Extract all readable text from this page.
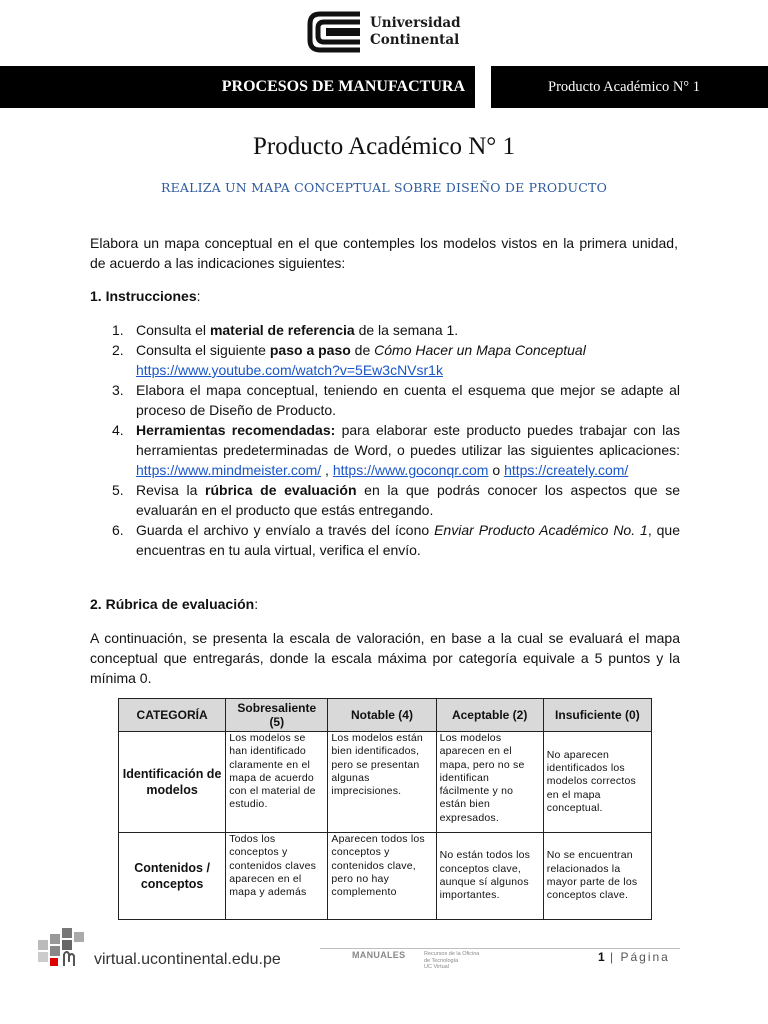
Universidad
Continental
PROCESOS DE MANUFACTURA	Producto Académico N° 1
Producto Académico N° 1
REALIZA UN MAPA CONCEPTUAL SOBRE DISEÑO DE PRODUCTO
Elabora un mapa conceptual en el que contemples los modelos vistos en la primera unidad, de acuerdo a las indicaciones siguientes:
1. Instrucciones:
1. Consulta el material de referencia de la semana 1.
2. Consulta el siguiente paso a paso de Cómo Hacer un Mapa Conceptual
https://www.youtube.com/watch?v=5Ew3cNVsr1k
3. Elabora el mapa conceptual, teniendo en cuenta el esquema que mejor se adapte al proceso de Diseño de Producto.
4. Herramientas recomendadas: para elaborar este producto puedes trabajar con las herramientas predeterminadas de Word, o puedes utilizar las siguientes aplicaciones: https://www.mindmeister.com/ , https://www.goconqr.com o https://creately.com/
5. Revisa la rúbrica de evaluación en la que podrás conocer los aspectos que se evaluarán en el producto que estás entregando.
6. Guarda el archivo y envíalo a través del ícono Enviar Producto Académico No. 1, que encuentras en tu aula virtual, verifica el envío.
2. Rúbrica de evaluación:
A continuación, se presenta la escala de valoración, en base a la cual se evaluará el mapa conceptual que entregarás, donde la escala máxima por categoría equivale a 5 puntos y la mínima 0.
CATEGORÍA	Sobresaliente (5)	Notable (4)	Aceptable (2)	Insuficiente (0)
Identificación de modelos	Los modelos se han identificado claramente en el mapa de acuerdo con el material de estudio.	Los modelos están bien identificados, pero se presentan algunas imprecisiones.	Los modelos aparecen en el mapa, pero no se identifican fácilmente y no están bien expresados.	No aparecen identificados los modelos correctos en el mapa conceptual.
Contenidos / conceptos	Todos los conceptos y contenidos claves aparecen en el mapa y además	Aparecen todos los conceptos y contenidos clave, pero no hay complemento	No están todos los conceptos clave, aunque sí algunos importantes.	No se encuentran relacionados la mayor parte de los conceptos clave.
virtual.ucontinental.edu.pe	MANUALES	Recursos de la Oficina
de Tecnología
UC Virtual
1 | Página
